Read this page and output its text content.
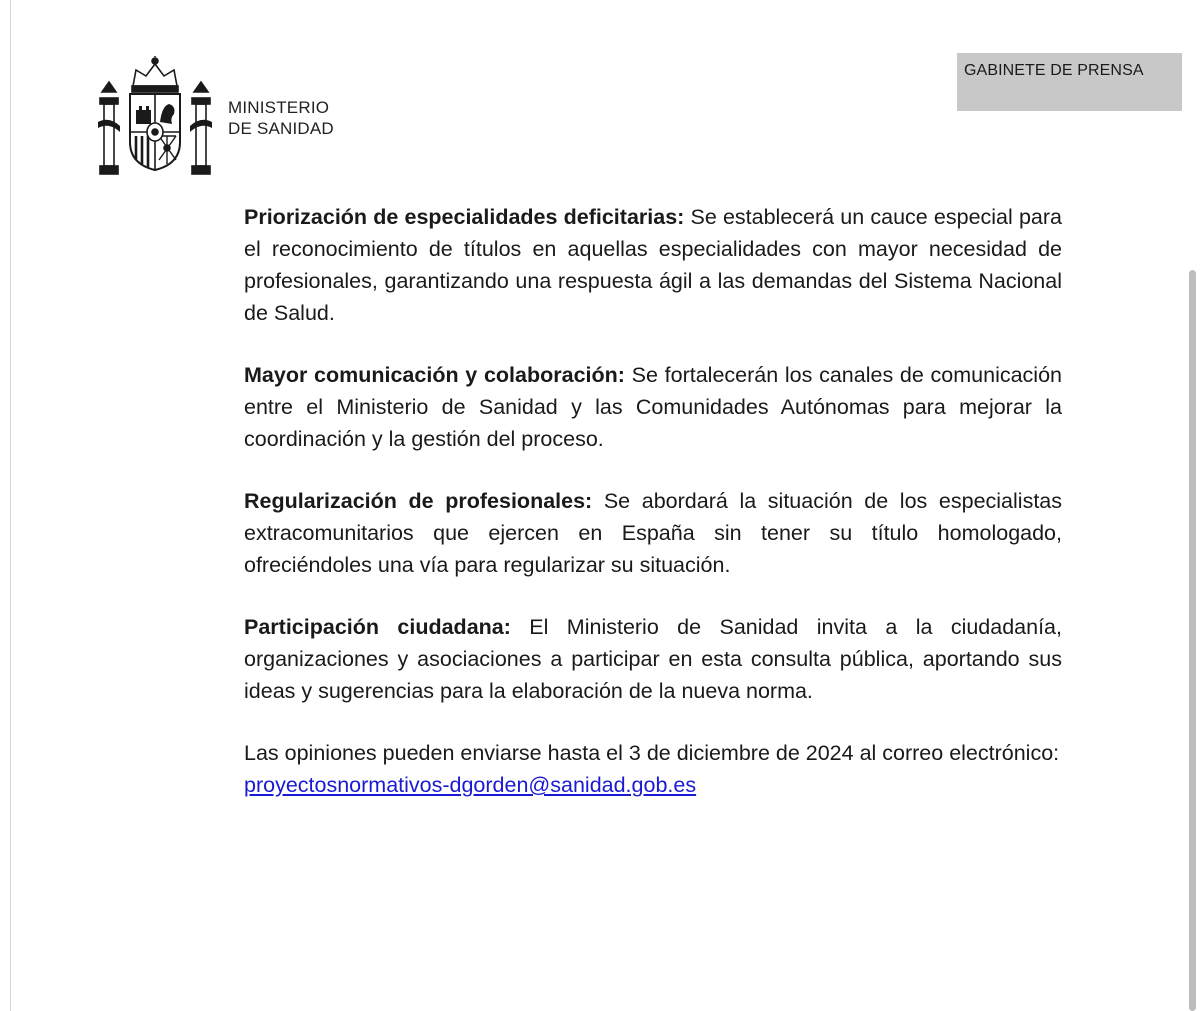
MINISTERIO
DE SANIDAD
GABINETE DE PRENSA

Priorización de especialidades deficitarias: Se establecerá un cauce especial para el reconocimiento de títulos en aquellas especialidades con mayor necesidad de profesionales, garantizando una respuesta ágil a las demandas del Sistema Nacional de Salud.

Mayor comunicación y colaboración: Se fortalecerán los canales de comunicación entre el Ministerio de Sanidad y las Comunidades Autónomas para mejorar la coordinación y la gestión del proceso.

Regularización de profesionales: Se abordará la situación de los especialistas extracomunitarios que ejercen en España sin tener su título homologado, ofreciéndoles una vía para regularizar su situación.

Participación ciudadana: El Ministerio de Sanidad invita a la ciudadanía, organizaciones y asociaciones a participar en esta consulta pública, aportando sus ideas y sugerencias para la elaboración de la nueva norma.

Las opiniones pueden enviarse hasta el 3 de diciembre de 2024 al correo electrónico:
proyectosnormativos-dgorden@sanidad.gob.es
